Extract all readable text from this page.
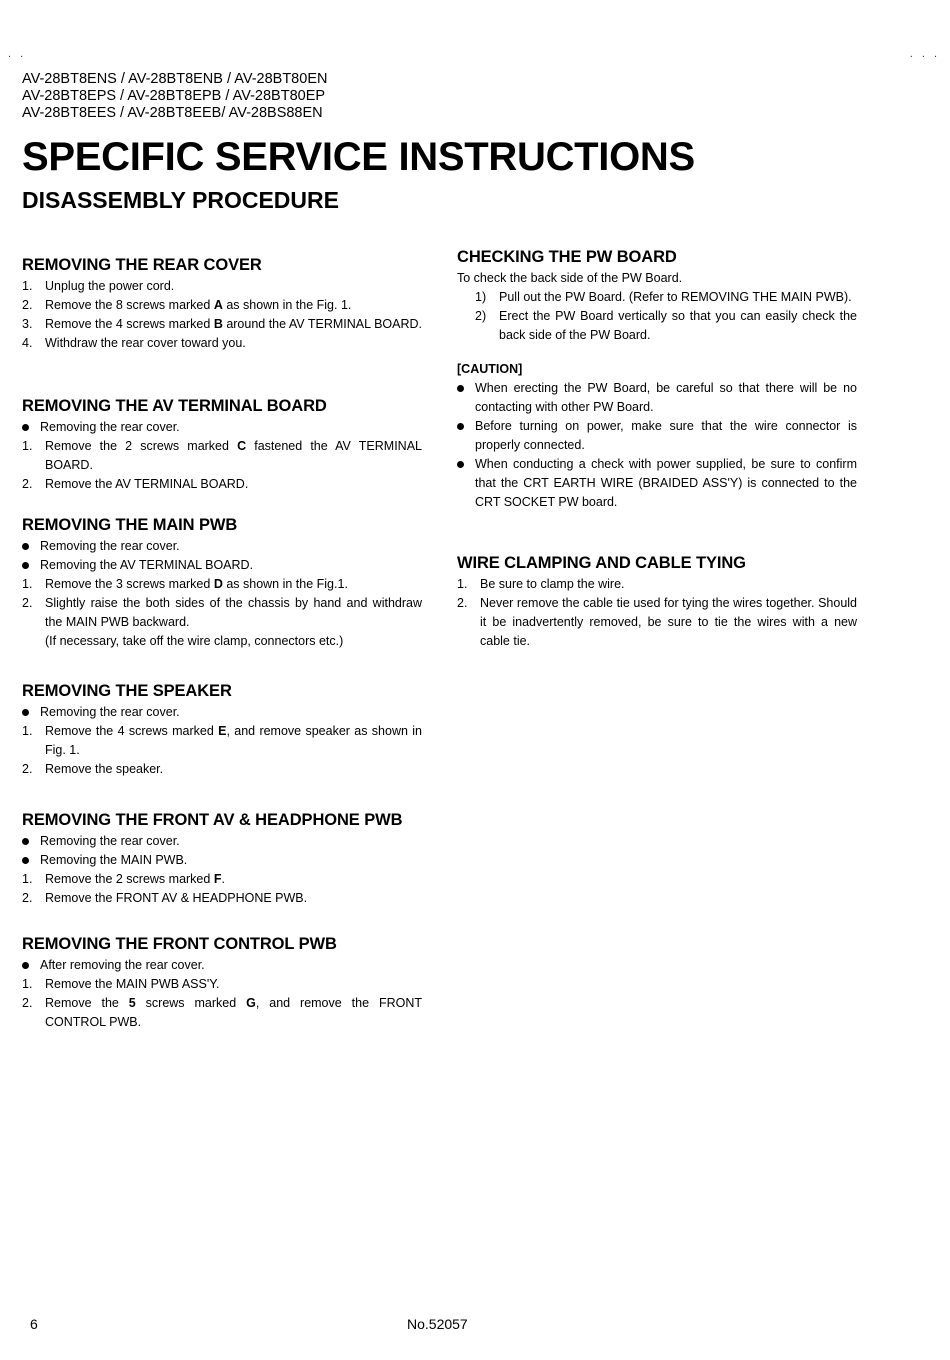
. .	. . .
AV-28BT8ENS / AV-28BT8ENB / AV-28BT80EN
AV-28BT8EPS / AV-28BT8EPB / AV-28BT80EP
AV-28BT8EES / AV-28BT8EEB/ AV-28BS88EN
SPECIFIC SERVICE INSTRUCTIONS
DISASSEMBLY PROCEDURE
REMOVING THE REAR COVER
1. Unplug the power cord.
2. Remove the 8 screws marked A as shown in the Fig. 1.
3. Remove the 4 screws marked B around the AV TERMINAL BOARD.
4. Withdraw the rear cover toward you.
REMOVING THE AV TERMINAL BOARD
Removing the rear cover.
1. Remove the 2 screws marked C fastened the AV TERMINAL BOARD.
2. Remove the AV TERMINAL BOARD.
REMOVING THE MAIN PWB
Removing the rear cover.
Removing the AV TERMINAL BOARD.
1. Remove the 3 screws marked D as shown in the Fig.1.
2. Slightly raise the both sides of the chassis by hand and withdraw the MAIN PWB backward.
(If necessary, take off the wire clamp, connectors etc.)
REMOVING THE SPEAKER
Removing the rear cover.
1. Remove the 4 screws marked E, and remove speaker as shown in Fig. 1.
2. Remove the speaker.
REMOVING THE FRONT AV & HEADPHONE PWB
Removing the rear cover.
Removing the MAIN PWB.
1. Remove the 2 screws marked F.
2. Remove the FRONT AV & HEADPHONE PWB.
REMOVING THE FRONT CONTROL PWB
After removing the rear cover.
1. Remove the MAIN PWB ASS'Y.
2. Remove the 5 screws marked G, and remove the FRONT CONTROL PWB.
CHECKING THE PW BOARD
To check the back side of the PW Board.
1) Pull out the PW Board. (Refer to REMOVING THE MAIN PWB).
2) Erect the PW Board vertically so that you can easily check the back side of the PW Board.
[CAUTION]
When erecting the PW Board, be careful so that there will be no contacting with other PW Board.
Before turning on power, make sure that the wire connector is properly connected.
When conducting a check with power supplied, be sure to confirm that the CRT EARTH WIRE (BRAIDED ASS'Y) is connected to the CRT SOCKET PW board.
WIRE CLAMPING AND CABLE TYING
1. Be sure to clamp the wire.
2. Never remove the cable tie used for tying the wires together. Should it be inadvertently removed, be sure to tie the wires with a new cable tie.
6	No.52057
